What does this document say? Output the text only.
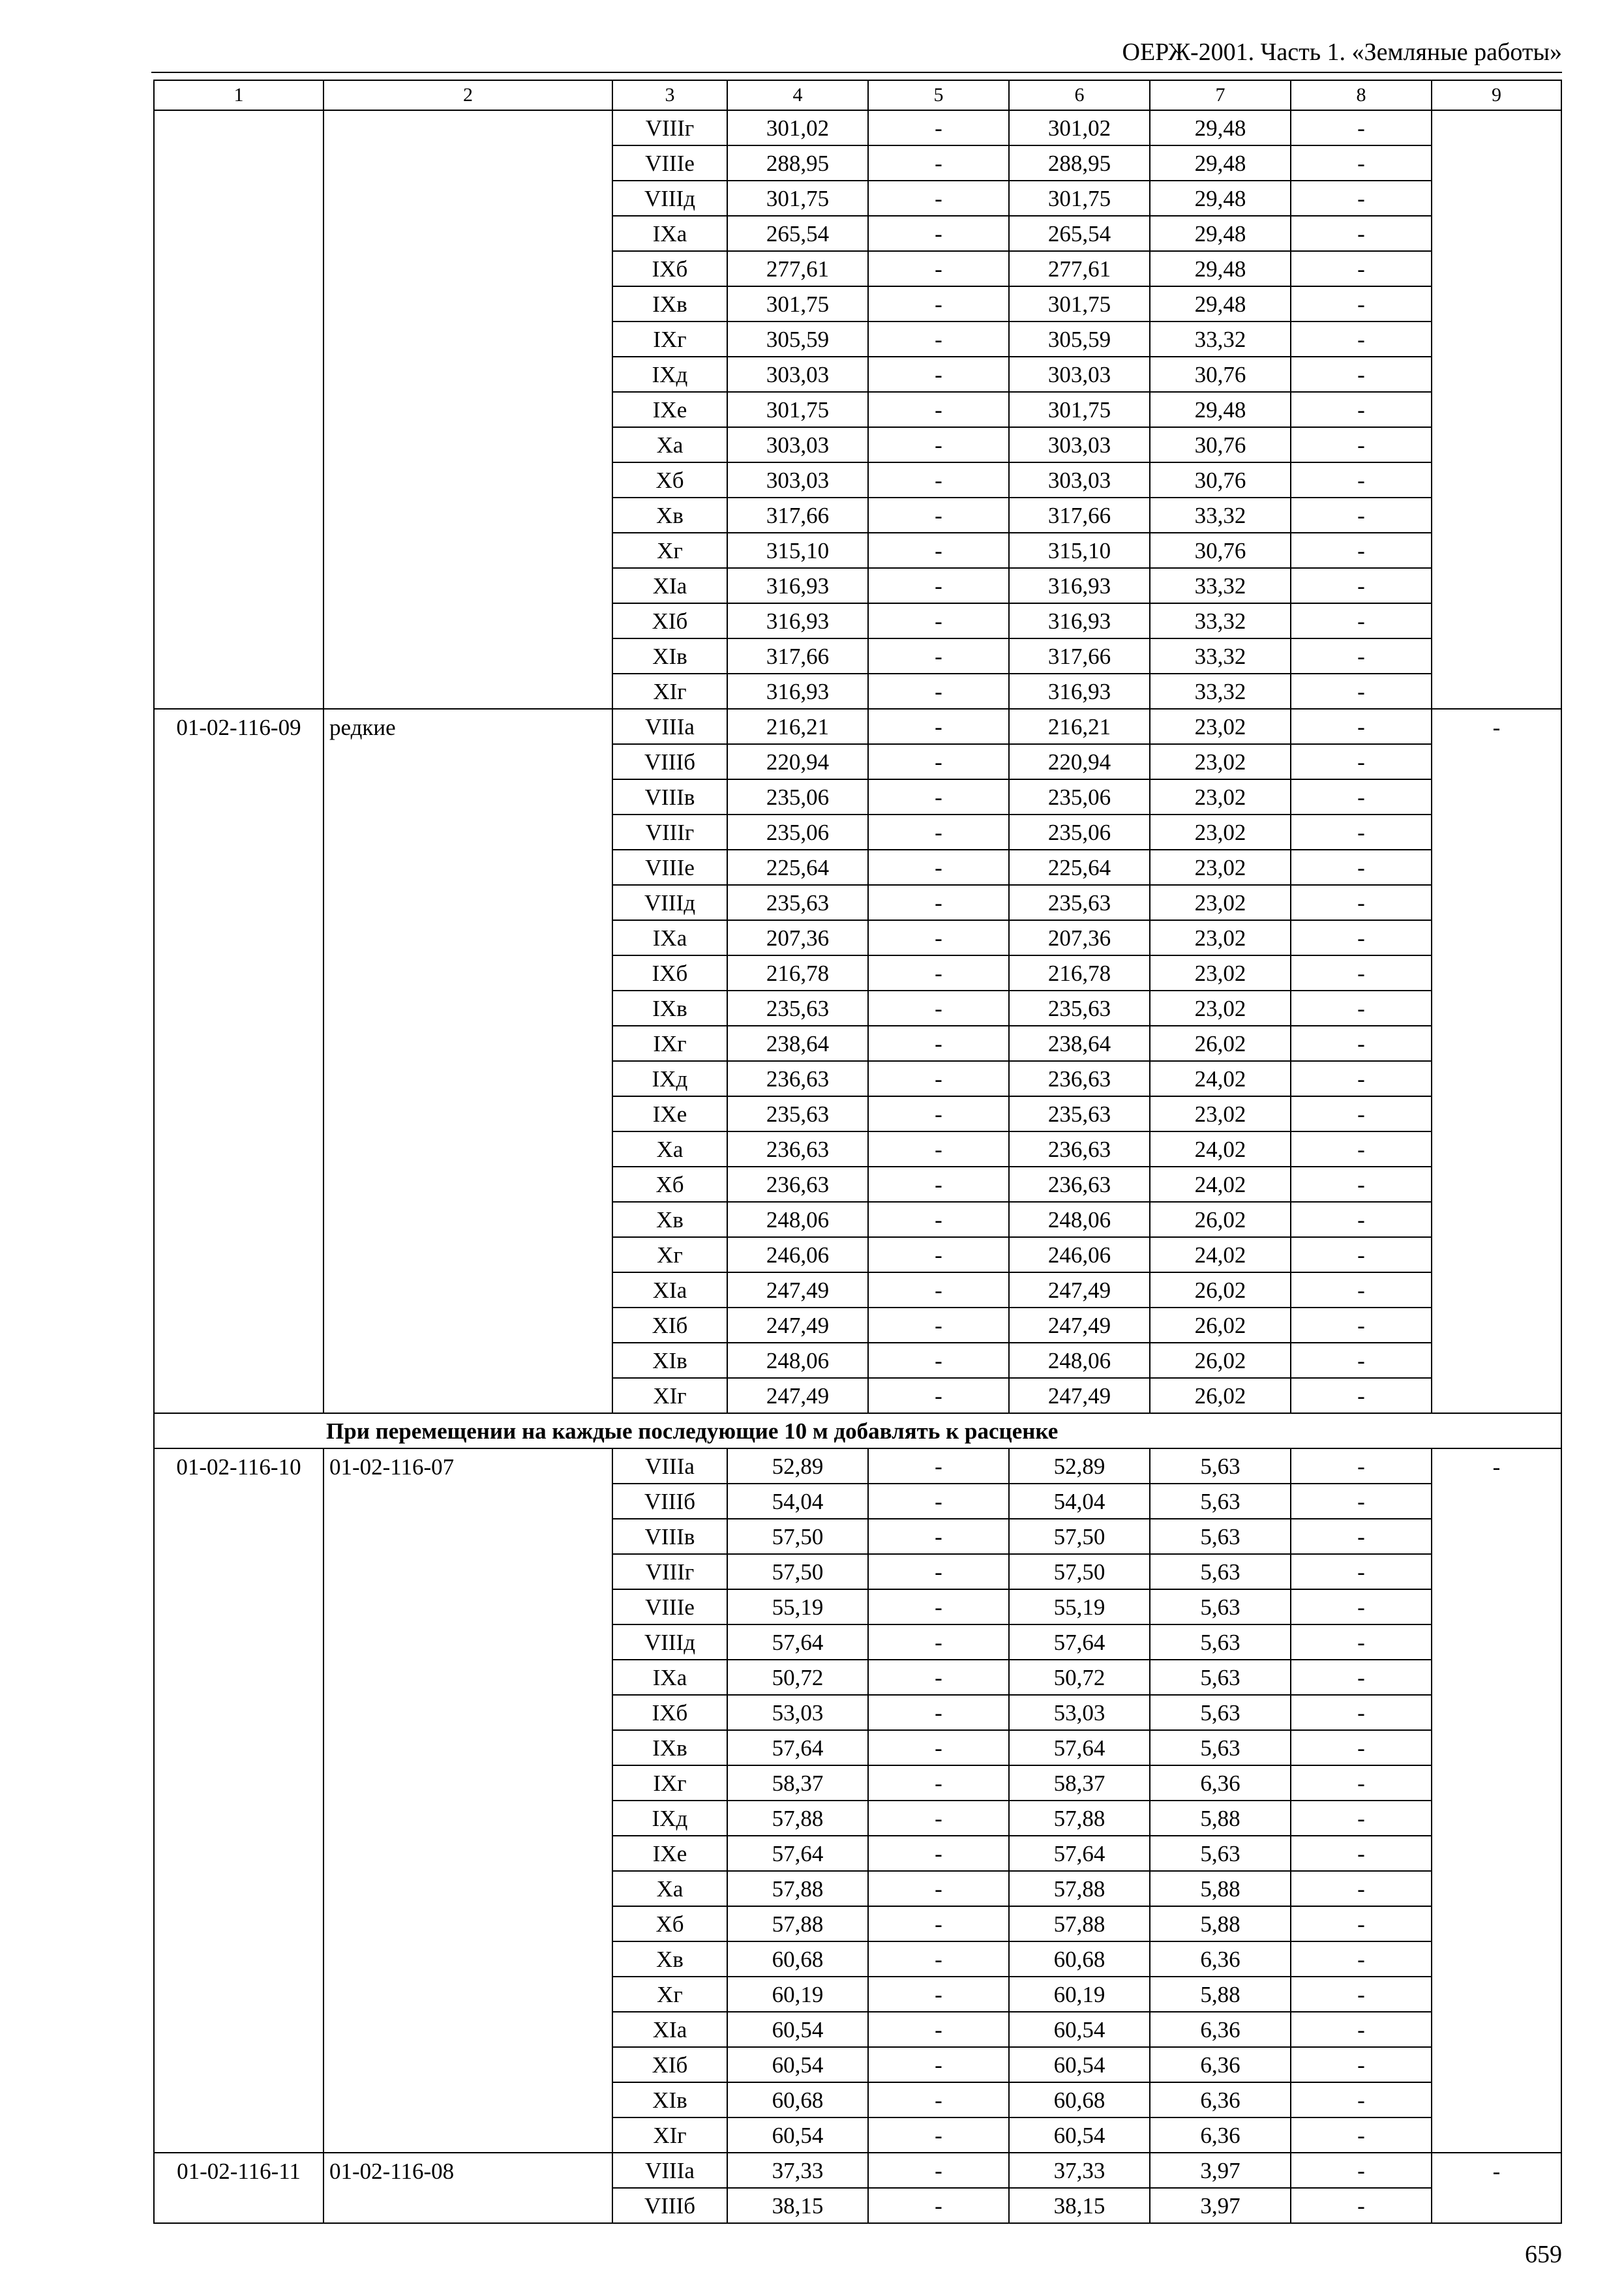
ОЕРЖ-2001. Часть 1. «Земляные работы»
1	2	3	4	5	6	7	8	9
		VIIIг	301,02	-	301,02	29,48	-	
		VIIIе	288,95	-	288,95	29,48	-	
		VIIIд	301,75	-	301,75	29,48	-	
		IXа	265,54	-	265,54	29,48	-	
		IXб	277,61	-	277,61	29,48	-	
		IXв	301,75	-	301,75	29,48	-	
		IXг	305,59	-	305,59	33,32	-	
		IXд	303,03	-	303,03	30,76	-	
		IXе	301,75	-	301,75	29,48	-	
		Xа	303,03	-	303,03	30,76	-	
		Xб	303,03	-	303,03	30,76	-	
		Xв	317,66	-	317,66	33,32	-	
		Xг	315,10	-	315,10	30,76	-	
		XIа	316,93	-	316,93	33,32	-	
		XIб	316,93	-	316,93	33,32	-	
		XIв	317,66	-	317,66	33,32	-	
		XIг	316,93	-	316,93	33,32	-	
01-02-116-09	редкие	VIIIа	216,21	-	216,21	23,02	-	-
		VIIIб	220,94	-	220,94	23,02	-	
		VIIIв	235,06	-	235,06	23,02	-	
		VIIIг	235,06	-	235,06	23,02	-	
		VIIIе	225,64	-	225,64	23,02	-	
		VIIIд	235,63	-	235,63	23,02	-	
		IXа	207,36	-	207,36	23,02	-	
		IXб	216,78	-	216,78	23,02	-	
		IXв	235,63	-	235,63	23,02	-	
		IXг	238,64	-	238,64	26,02	-	
		IXд	236,63	-	236,63	24,02	-	
		IXе	235,63	-	235,63	23,02	-	
		Xа	236,63	-	236,63	24,02	-	
		Xб	236,63	-	236,63	24,02	-	
		Xв	248,06	-	248,06	26,02	-	
		Xг	246,06	-	246,06	24,02	-	
		XIа	247,49	-	247,49	26,02	-	
		XIб	247,49	-	247,49	26,02	-	
		XIв	248,06	-	248,06	26,02	-	
		XIг	247,49	-	247,49	26,02	-	
При перемещении на каждые последующие 10 м добавлять к расценке								
01-02-116-10	01-02-116-07	VIIIа	52,89	-	52,89	5,63	-	-
		VIIIб	54,04	-	54,04	5,63	-	
		VIIIв	57,50	-	57,50	5,63	-	
		VIIIг	57,50	-	57,50	5,63	-	
		VIIIе	55,19	-	55,19	5,63	-	
		VIIIд	57,64	-	57,64	5,63	-	
		IXа	50,72	-	50,72	5,63	-	
		IXб	53,03	-	53,03	5,63	-	
		IXв	57,64	-	57,64	5,63	-	
		IXг	58,37	-	58,37	6,36	-	
		IXд	57,88	-	57,88	5,88	-	
		IXе	57,64	-	57,64	5,63	-	
		Xа	57,88	-	57,88	5,88	-	
		Xб	57,88	-	57,88	5,88	-	
		Xв	60,68	-	60,68	6,36	-	
		Xг	60,19	-	60,19	5,88	-	
		XIа	60,54	-	60,54	6,36	-	
		XIб	60,54	-	60,54	6,36	-	
		XIв	60,68	-	60,68	6,36	-	
		XIг	60,54	-	60,54	6,36	-	
01-02-116-11	01-02-116-08	VIIIа	37,33	-	37,33	3,97	-	-
		VIIIб	38,15	-	38,15	3,97	-	
659
